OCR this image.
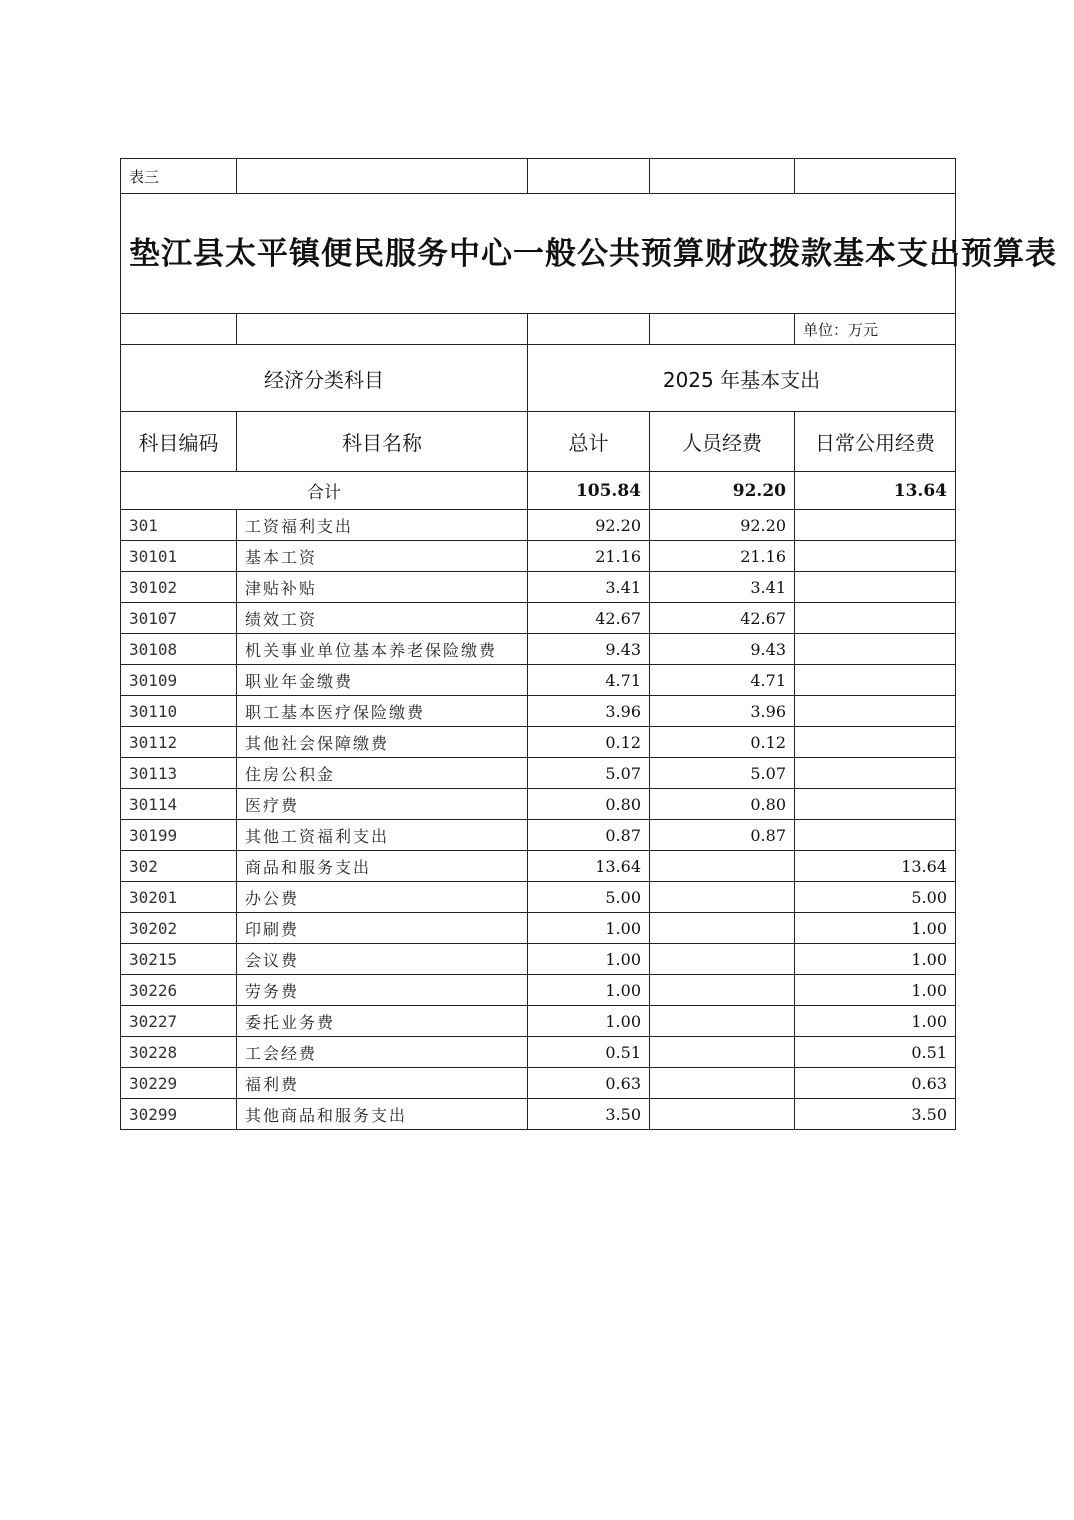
表三				
垫江县太平镇便民服务中心一般公共预算财政拨款基本支出预算表				
				单位：万元
经济分类科目		2025 年基本支出		
科目编码	科目名称	总计	人员经费	日常公用经费
合计		105.84	92.20	13.64
301	工资福利支出	92.20	92.20	
30101	基本工资	21.16	21.16	
30102	津贴补贴	3.41	3.41	
30107	绩效工资	42.67	42.67	
30108	机关事业单位基本养老保险缴费	9.43	9.43	
30109	职业年金缴费	4.71	4.71	
30110	职工基本医疗保险缴费	3.96	3.96	
30112	其他社会保障缴费	0.12	0.12	
30113	住房公积金	5.07	5.07	
30114	医疗费	0.80	0.80	
30199	其他工资福利支出	0.87	0.87	
302	商品和服务支出	13.64		13.64
30201	办公费	5.00		5.00
30202	印刷费	1.00		1.00
30215	会议费	1.00		1.00
30226	劳务费	1.00		1.00
30227	委托业务费	1.00		1.00
30228	工会经费	0.51		0.51
30229	福利费	0.63		0.63
30299	其他商品和服务支出	3.50		3.50
